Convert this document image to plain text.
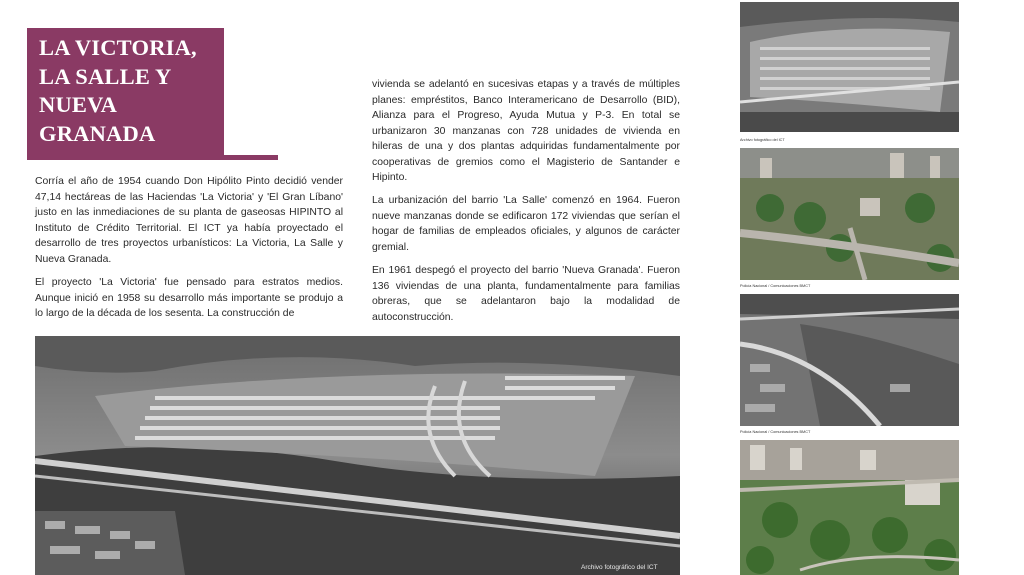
LA VICTORIA,
LA SALLE Y
NUEVA
GRANADA

Corría el año de 1954 cuando Don Hipólito Pinto decidió vender 47,14 hectáreas de las Haciendas 'La Victoria' y 'El Gran Líbano' justo en las inmediaciones de su planta de gaseosas HIPINTO al Instituto de Crédito Territorial. El ICT ya había proyectado el desarrollo de tres proyectos urbanísticos: La Victoria, La Salle y Nueva Granada.

El proyecto 'La Victoria' fue pensado para estratos medios. Aunque inició en 1958 su desarrollo más importante se produjo a lo largo de la década de los sesenta. La construcción de

vivienda se adelantó en sucesivas etapas y a través de múltiples planes: empréstitos, Banco Interamericano de Desarrollo (BID), Alianza para el Progreso, Ayuda Mutua y P-3. En total se urbanizaron 30 manzanas con 728 unidades de vivienda en hileras de una y dos plantas adquiridas fundamentalmente por cooperativas de gremios como el Magisterio de Santander e Hipinto.

La urbanización del barrio 'La Salle' comenzó en 1964. Fueron nueve manzanas donde se edificaron 172 viviendas que serían el hogar de familias de empleados oficiales, y algunos de carácter gremial.

En 1961 despegó el proyecto del barrio 'Nueva Granada'. Fueron 136 viviendas de una planta, fundamentalmente para familias obreras, que se adelantaron bajo la modalidad de autoconstrucción.

Archivo fotográfico del ICT
Archivo fotográfico del ICT
Policía Nacional / Comunicaciones BMCT
Policía Nacional / Comunicaciones BMCT
